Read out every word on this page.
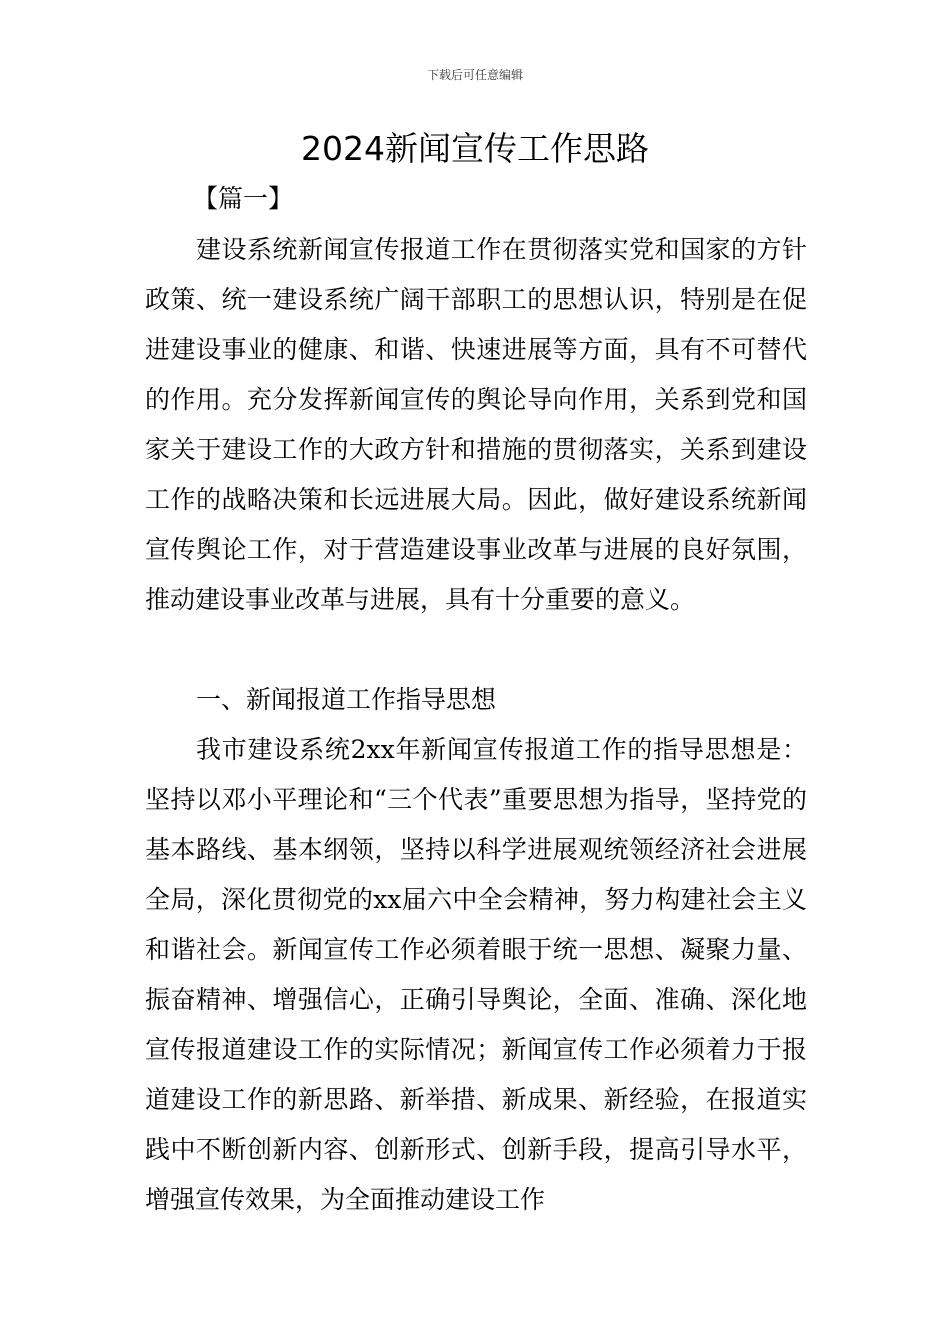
下载后可任意编辑
2024新闻宣传工作思路
【篇一】

建设系统新闻宣传报道工作在贯彻落实党和国家的方针政策、统一建设系统广阔干部职工的思想认识，特别是在促进建设事业的健康、和谐、快速进展等方面，具有不可替代的作用。充分发挥新闻宣传的舆论导向作用，关系到党和国家关于建设工作的大政方针和措施的贯彻落实，关系到建设工作的战略决策和长远进展大局。因此，做好建设系统新闻宣传舆论工作，对于营造建设事业改革与进展的良好氛围，推动建设事业改革与进展，具有十分重要的意义。

一、新闻报道工作指导思想

我市建设系统2xx年新闻宣传报道工作的指导思想是：坚持以邓小平理论和“三个代表”重要思想为指导，坚持党的基本路线、基本纲领，坚持以科学进展观统领经济社会进展全局，深化贯彻党的xx届六中全会精神，努力构建社会主义和谐社会。新闻宣传工作必须着眼于统一思想、凝聚力量、振奋精神、增强信心，正确引导舆论，全面、准确、深化地宣传报道建设工作的实际情况；新闻宣传工作必须着力于报道建设工作的新思路、新举措、新成果、新经验，在报道实践中不断创新内容、创新形式、创新手段，提高引导水平，增强宣传效果，为全面推动建设工作
